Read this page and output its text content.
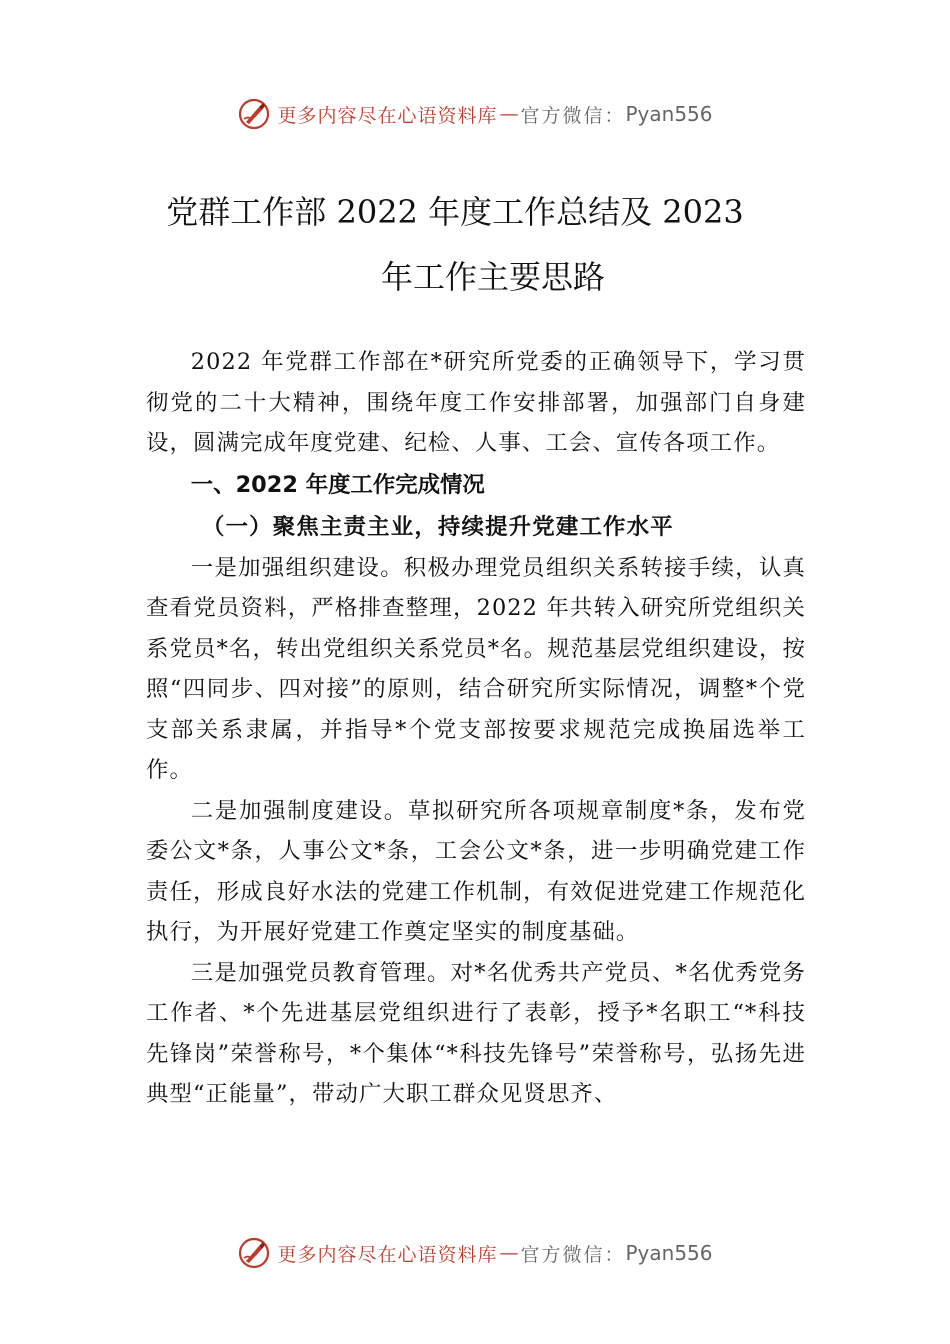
更多内容尽在心语资料库 — 官方微信： Pyan556
党群工作部 2022 年度工作总结及 2023
年工作主要思路

2022 年党群工作部在*研究所党委的正确领导下，学习贯彻党的二十大精神，围绕年度工作安排部署，加强部门自身建设，圆满完成年度党建、纪检、人事、工会、宣传各项工作。

一、2022 年度工作完成情况

（一）聚焦主责主业，持续提升党建工作水平

一是加强组织建设。积极办理党员组织关系转接手续，认真查看党员资料，严格排查整理，2022 年共转入研究所党组织关系党员*名，转出党组织关系党员*名。规范基层党组织建设，按照“四同步、四对接”的原则，结合研究所实际情况，调整*个党支部关系隶属，并指导*个党支部按要求规范完成换届选举工作。

二是加强制度建设。草拟研究所各项规章制度*条，发布党委公文*条，人事公文*条，工会公文*条，进一步明确党建工作责任，形成良好水法的党建工作机制，有效促进党建工作规范化执行，为开展好党建工作奠定坚实的制度基础。

三是加强党员教育管理。对*名优秀共产党员、*名优秀党务工作者、*个先进基层党组织进行了表彰，授予*名职工“*科技先锋岗”荣誉称号，*个集体“*科技先锋号”荣誉称号，弘扬先进典型“正能量”，带动广大职工群众见贤思齐、

更多内容尽在心语资料库 — 官方微信： Pyan556
